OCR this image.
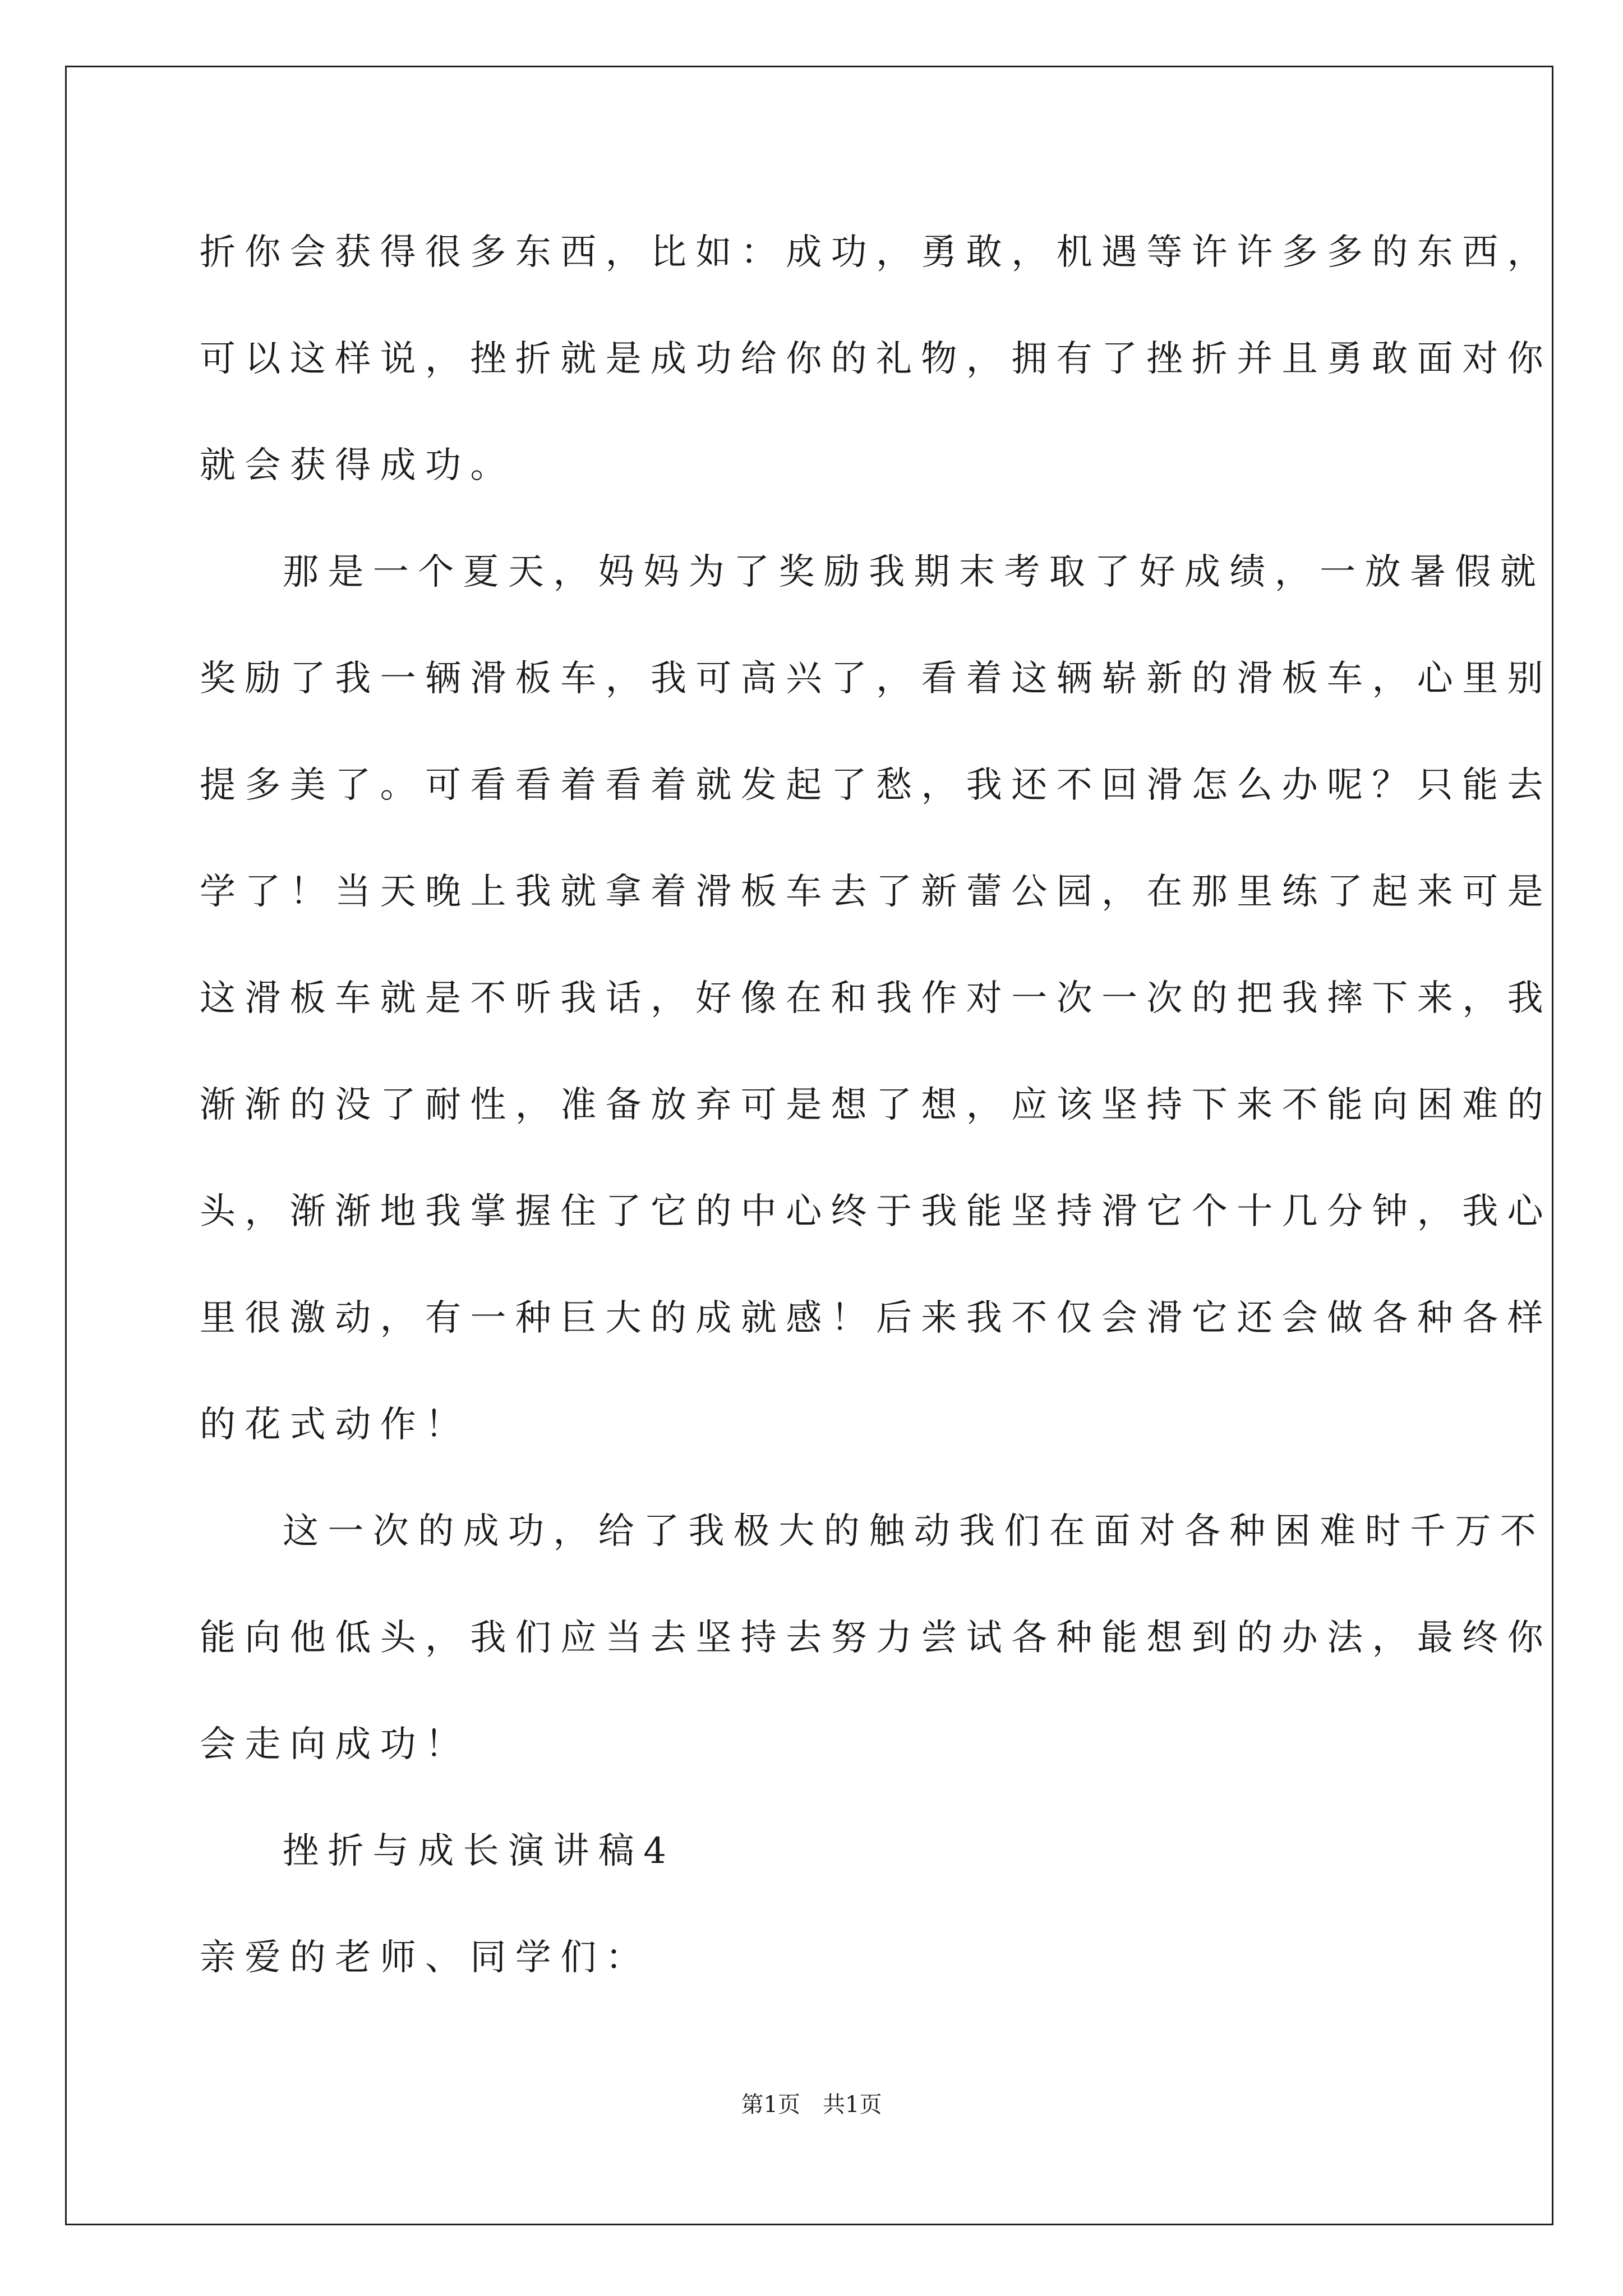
折你会获得很多东西，比如：成功，勇敢，机遇等许许多多的东西，
可以这样说，挫折就是成功给你的礼物，拥有了挫折并且勇敢面对你
就会获得成功。
那是一个夏天，妈妈为了奖励我期末考取了好成绩，一放暑假就
奖励了我一辆滑板车，我可高兴了，看着这辆崭新的滑板车，心里别
提多美了。可看看着看着就发起了愁，我还不回滑怎么办呢？只能去
学了！当天晚上我就拿着滑板车去了新蕾公园，在那里练了起来可是
这滑板车就是不听我话，好像在和我作对一次一次的把我摔下来，我
渐渐的没了耐性，准备放弃可是想了想，应该坚持下来不能向困难的
头，渐渐地我掌握住了它的中心终于我能坚持滑它个十几分钟，我心
里很激动，有一种巨大的成就感！后来我不仅会滑它还会做各种各样
的花式动作！
这一次的成功，给了我极大的触动我们在面对各种困难时千万不
能向他低头，我们应当去坚持去努力尝试各种能想到的办法，最终你
会走向成功！
挫折与成长演讲稿4
亲爱的老师、同学们：
第1页　共1页
